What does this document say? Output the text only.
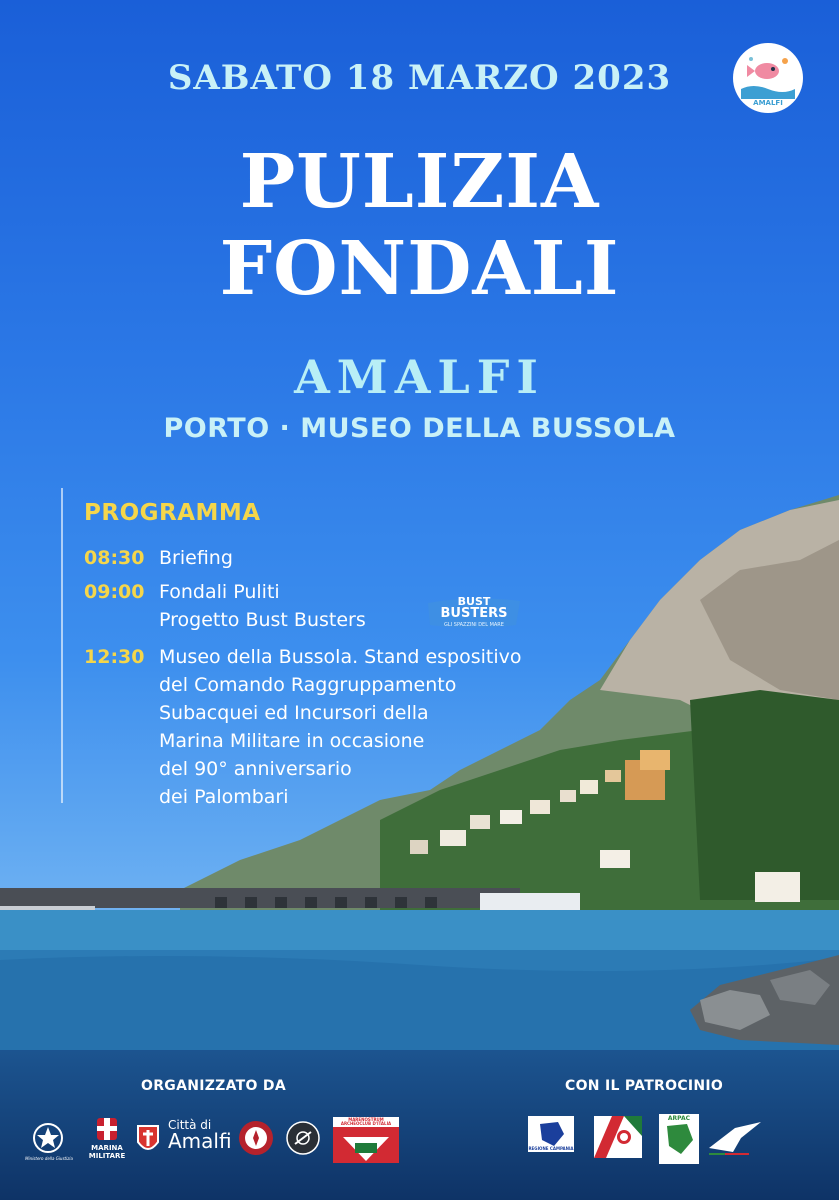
AMALFI
SABATO 18 MARZO 2023
PULIZIA
FONDALI
AMALFI
PORTO · MUSEO DELLA BUSSOLA
PROGRAMMA
08:30 Briefing
09:00 Fondali Puliti
Progetto Bust Busters
BUST
BUSTERS
GLI SPAZZINI DEL MARE
12:30 Museo della Bussola. Stand espositivo
del Comando Raggruppamento
Subacquei ed Incursori della
Marina Militare in occasione
del 90° anniversario
dei Palombari
ORGANIZZATO DA	CON IL PATROCINIO
Ministero della Giustizia
MARINA MILITARE
Città di
Amalfi
MARENOSTRUM ARCHEOCLUB D'ITALIA
REGIONE CAMPANIA
ARPAC
